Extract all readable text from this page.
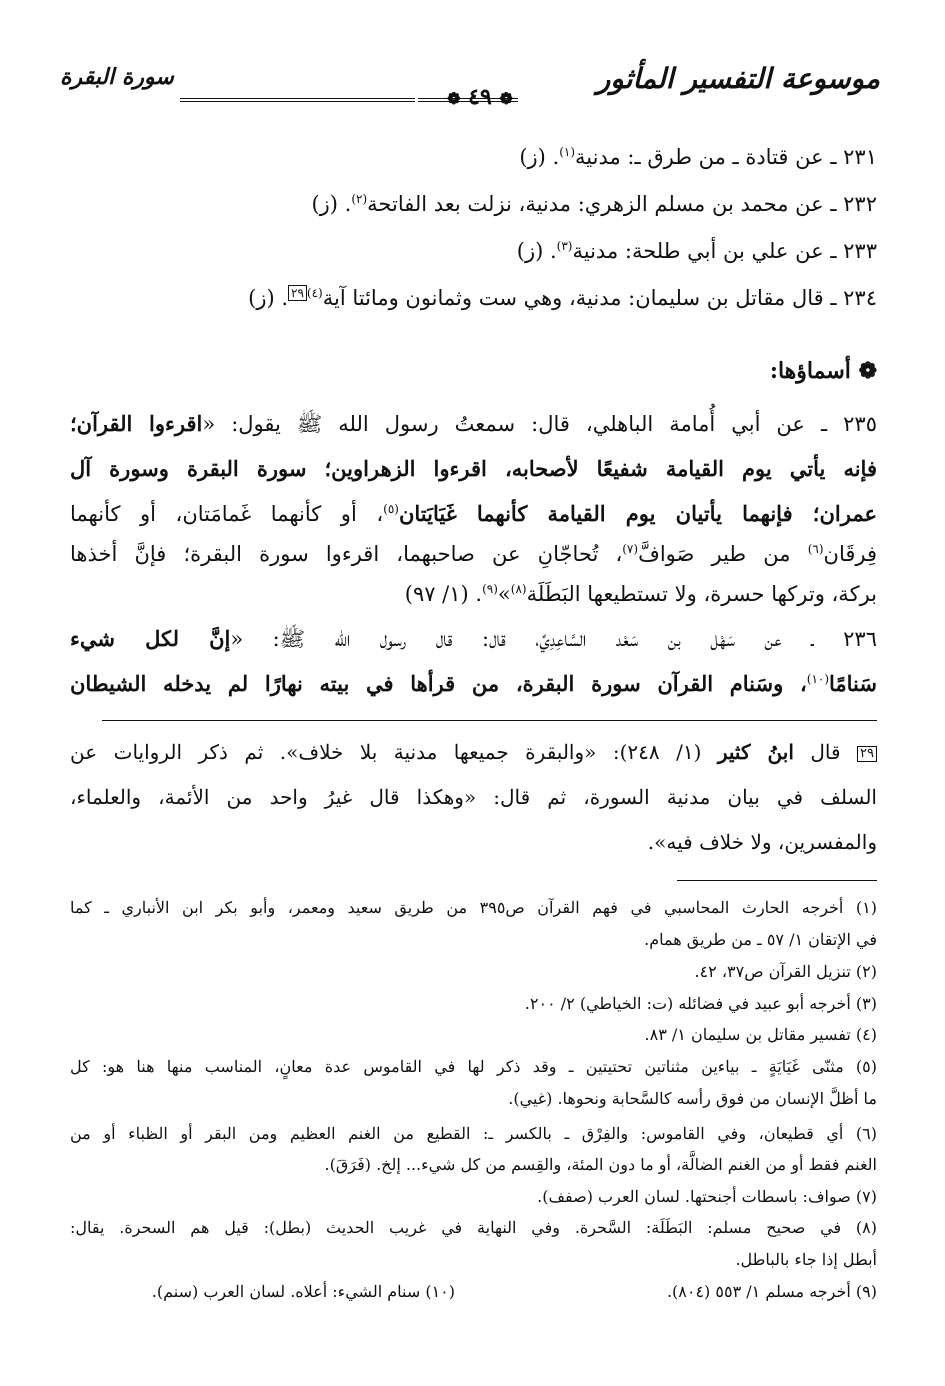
موسوعة التفسير المأثور
❁ ٤٩ ❁
سورة البقرة
٢٣١ ـ عن قتادة ـ من طرق ـ: مدنية$^{(١)}$. (ز)
٢٣٢ ـ عن محمد بن مسلم الزهري: مدنية، نزلت بعد الفاتحة$^{(٢)}$. (ز)
٢٣٣ ـ عن علي بن أبي طلحة: مدنية$^{(٣)}$. (ز)
٢٣٤ ـ قال مقاتل بن سليمان: مدنية، وهي ست وثمانون ومائتا آية$^{(٤)}$٢٩. (ز)
❁ أسماؤها:
٢٣٥ ـ عن أبي أُمامة الباهلي، قال: سمعتُ رسول الله ﷺ يقول: «اقرءوا القرآن؛
فإنه يأتي يوم القيامة شفيعًا لأصحابه، اقرءوا الزهراوين؛ سورة البقرة وسورة آل
عمران؛ فإنهما يأتيان يوم القيامة كأنهما غَيَايَتان$^{(٥)}$، أو كأنهما غَمامَتان، أو كأنهما
فِرقَان$^{(٦)}$ من طير صَوافَّ$^{(٧)}$، تُحاجّانِ عن صاحبهما، اقرءوا سورة البقرة؛ فإنَّ أخذها
بركة، وتركها حسرة، ولا تستطيعها البَطَلَة$^{(٨)}$»$^{(٩)}$. (١/ ٩٧)
٢٣٦ ـ عن سَهْل بن سَعْد السَّاعِدِيِّ، قال: قال رسول الله ﷺ: «إنَّ لكل شيء
سَنامًا$^{(١٠)}$، وسَنام القرآن سورة البقرة، من قرأها في بيته نهارًا لم يدخله الشيطان
٢٩ قال ابنُ كثير (١/ ٢٤٨): «والبقرة جميعها مدنية بلا خلاف». ثم ذكر الروايات عن
السلف في بيان مدنية السورة، ثم قال: «وهكذا قال غيرُ واحد من الأئمة، والعلماء،
والمفسرين، ولا خلاف فيه».
(١) أخرجه الحارث المحاسبي في فهم القرآن ص٣٩٥ من طريق سعيد ومعمر، وأبو بكر ابن الأنباري ـ كما
في الإتقان ١/ ٥٧ ـ من طريق همام.
(٢) تنزيل القرآن ص٣٧، ٤٢.
(٣) أخرجه أبو عبيد في فضائله (ت: الخياطي) ٢/ ٢٠٠.
(٤) تفسير مقاتل بن سليمان ١/ ٨٣.
(٥) مثنّى غَيَايَةٍ ـ بياءين مثناتين تحتيتين ـ وقد ذكر لها في القاموس عدة معانٍ، المناسب منها هنا هو: كل
ما أظلَّ الإنسان من فوق رأسه كالسَّحابة ونحوها. (غيي).
(٦) أي قطيعان، وفي القاموس: والفِرْق ـ بالكسر ـ: القطيع من الغنم العظيم ومن البقر أو الظباء أو من
الغنم فقط أو من الغنم الضالَّة، أو ما دون المئة، والقِسم من كل شيء... إلخ. (فَرَقَ).
(٧) صواف: باسطات أجنحتها. لسان العرب (صفف).
(٨) في صحيح مسلم: البَطَلَة: السَّحرة. وفي النهاية في غريب الحديث (بطل): قيل هم السحرة. يقال:
أبطل إذا جاء بالباطل.
(٩) أخرجه مسلم ١/ ٥٥٣ (٨٠٤).
(١٠) سنام الشيء: أعلاه. لسان العرب (سنم).
